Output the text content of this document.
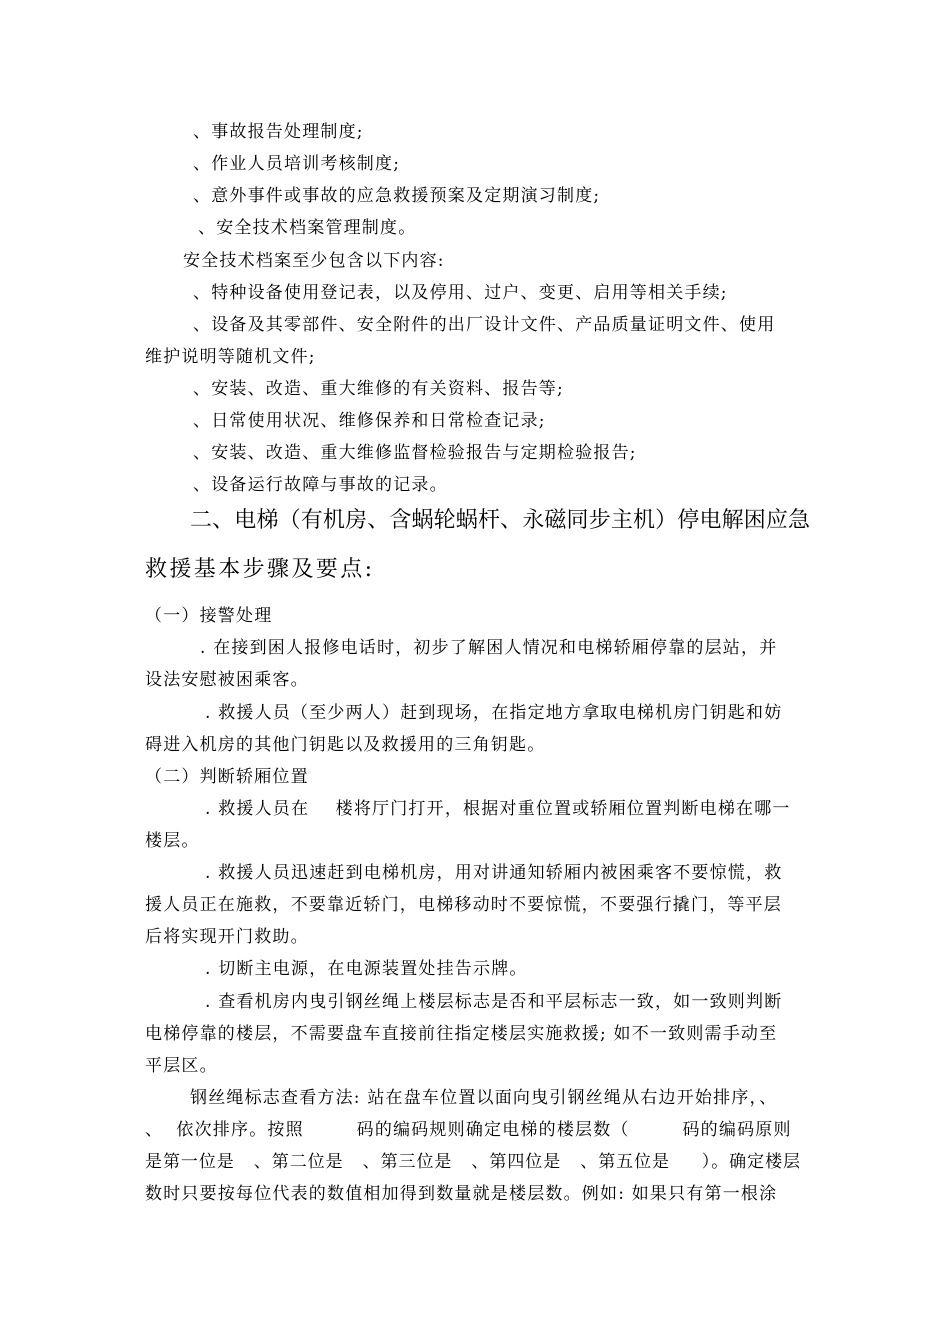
、事故报告处理制度;

、作业人员培训考核制度;

、意外事件或事故的应急救援预案及定期演习制度;

、安全技术档案管理制度。

安全技术档案至少包含以下内容:

、特种设备使用登记表，以及停用、过户、变更、启用等相关手续;

、设备及其零部件、安全附件的出厂设计文件、产品质量证明文件、使用

维护说明等随机文件;

、安装、改造、重大维修的有关资料、报告等;

、日常使用状况、维修保养和日常检查记录;

、安装、改造、重大维修监督检验报告与定期检验报告;

、设备运行故障与事故的记录。

二、电梯（有机房、含蜗轮蜗杆、永磁同步主机）停电解困应急

救援基本步骤及要点:

（一）接警处理

. 在接到困人报修电话时，初步了解困人情况和电梯轿厢停靠的层站，并

设法安慰被困乘客。

. 救援人员（至少两人）赶到现场，在指定地方拿取电梯机房门钥匙和妨

碍进入机房的其他门钥匙以及救援用的三角钥匙。

（二）判断轿厢位置

. 救援人员在    楼将厅门打开，根据对重位置或轿厢位置判断电梯在哪一

楼层。

. 救援人员迅速赶到电梯机房，用对讲通知轿厢内被困乘客不要惊慌，救

援人员正在施救，不要靠近轿门，电梯移动时不要惊慌，不要强行撬门，等平层

后将实现开门救助。

. 切断主电源，在电源装置处挂告示牌。

. 查看机房内曳引钢丝绳上楼层标志是否和平层标志一致，如一致则判断

电梯停靠的楼层，不需要盘车直接前往指定楼层实施救援; 如不一致则需手动至

平层区。

钢丝绳标志查看方法: 站在盘车位置以面向曳引钢丝绳从右边开始排序，、

、  依次排序。按照        码的编码规则确定电梯的楼层数（        码的编码原则

是第一位是   、第二位是   、第三位是   、第四位是   、第五位是     ）。确定楼层

数时只要按每位代表的数值相加得到数量就是楼层数。例如: 如果只有第一根涂
